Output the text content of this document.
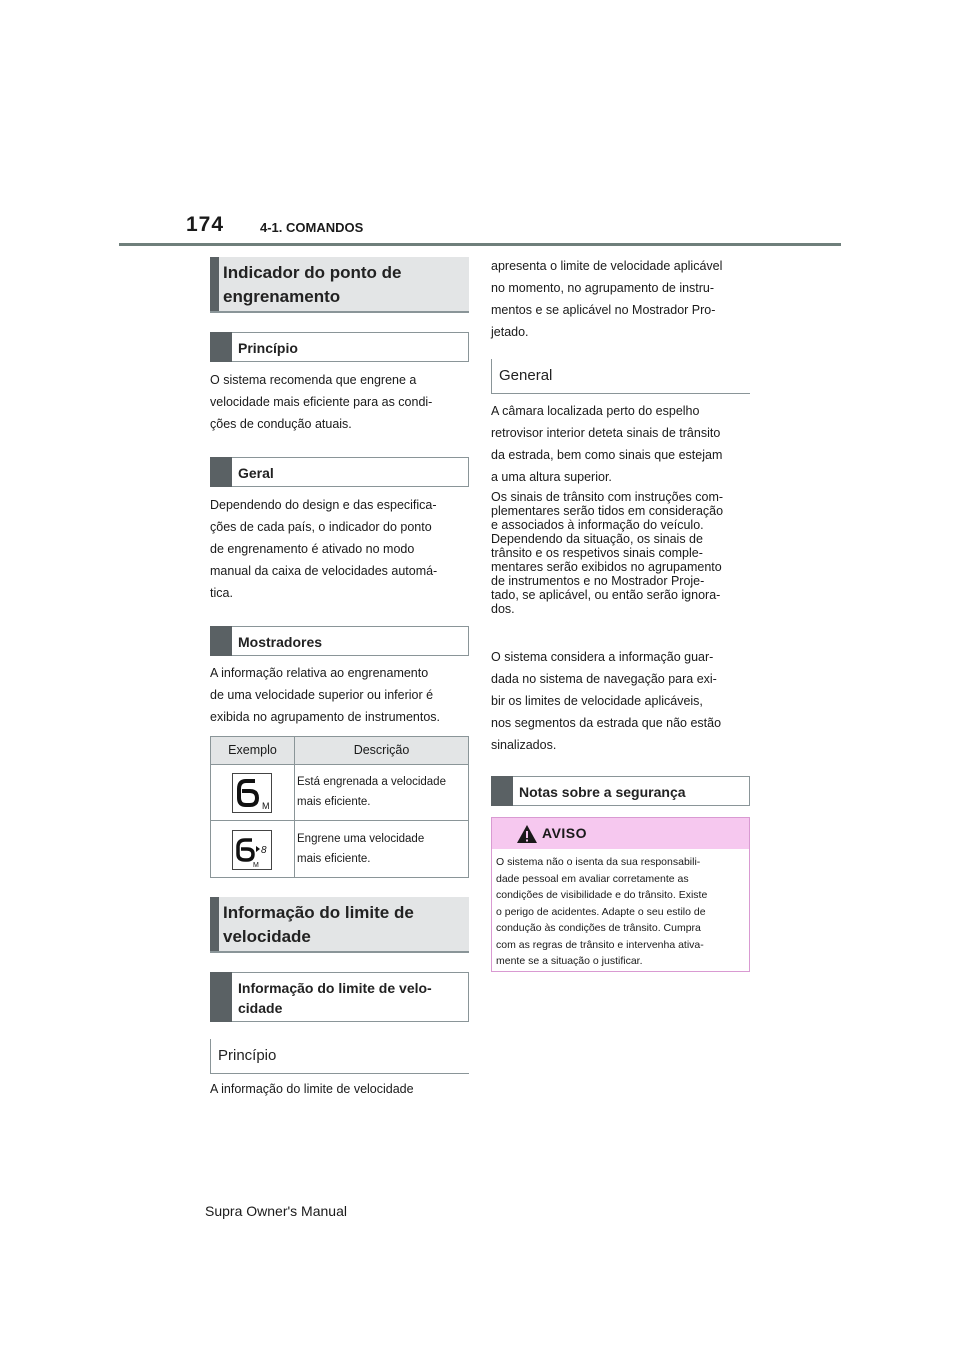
174	4-1. COMANDOS
Indicador do ponto de engrenamento
Princípio
O sistema recomenda que engrene a
velocidade mais eficiente para as condi-
ções de condução atuais.
Geral
Dependendo do design e das especifica-
ções de cada país, o indicador do ponto
de engrenamento é ativado no modo
manual da caixa de velocidades automá-
tica.
Mostradores
A informação relativa ao engrenamento
de uma velocidade superior ou inferior é
exibida no agrupamento de instrumentos.
Exemplo	Descrição
M
Está engrenada a velocidade
mais eficiente.
8
M
Engrene uma velocidade
mais eficiente.
Informação do limite de velocidade
Informação do limite de velo-cidade
Princípio
A informação do limite de velocidade
apresenta o limite de velocidade aplicável
no momento, no agrupamento de instru-
mentos e se aplicável no Mostrador Pro-
jetado.
General
A câmara localizada perto do espelho
retrovisor interior deteta sinais de trânsito
da estrada, bem como sinais que estejam
a uma altura superior.
Os sinais de trânsito com instruções com-
plementares serão tidos em consideração
e associados à informação do veículo.
Dependendo da situação, os sinais de
trânsito e os respetivos sinais comple-
mentares serão exibidos no agrupamento
de instrumentos e no Mostrador Proje-
tado, se aplicável, ou então serão ignora-
dos.
O sistema considera a informação guar-
dada no sistema de navegação para exi-
bir os limites de velocidade aplicáveis,
nos segmentos da estrada que não estão
sinalizados.
Notas sobre a segurança
AVISO
O sistema não o isenta da sua responsabili-
dade pessoal em avaliar corretamente as
condições de visibilidade e do trânsito. Existe
o perigo de acidentes. Adapte o seu estilo de
condução às condições de trânsito. Cumpra
com as regras de trânsito e intervenha ativa-
mente se a situação o justificar.
Supra Owner's Manual
